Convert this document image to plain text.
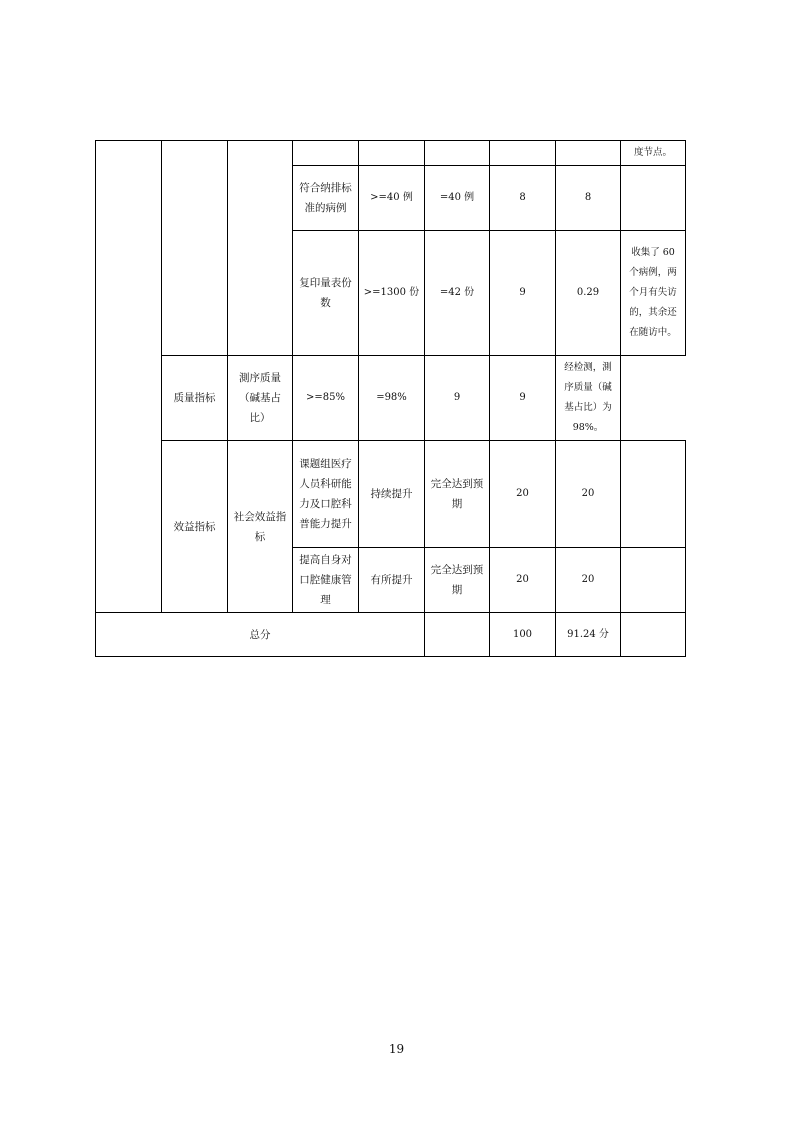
								度节点。
			符合纳排标准的病例	>=40 例	=40 例	8	8	
			复印量表份数	>=1300 份	=42 份	9	0.29	收集了 60 个病例，两个月有失访的，其余还在随访中。
	质量指标	測序质量（碱基占比）	>=85%	=98%	9	9	经检测，測序质量（碱基占比）为 98%。	
	效益指标	社会效益指标	课题组医疗人员科研能力及口腔科普能力提升	持续提升	完全达到预期	20	20	
			提高自身对口腔健康管理	有所提升	完全达到预期	20	20	
总分						100	91.24 分	
19
